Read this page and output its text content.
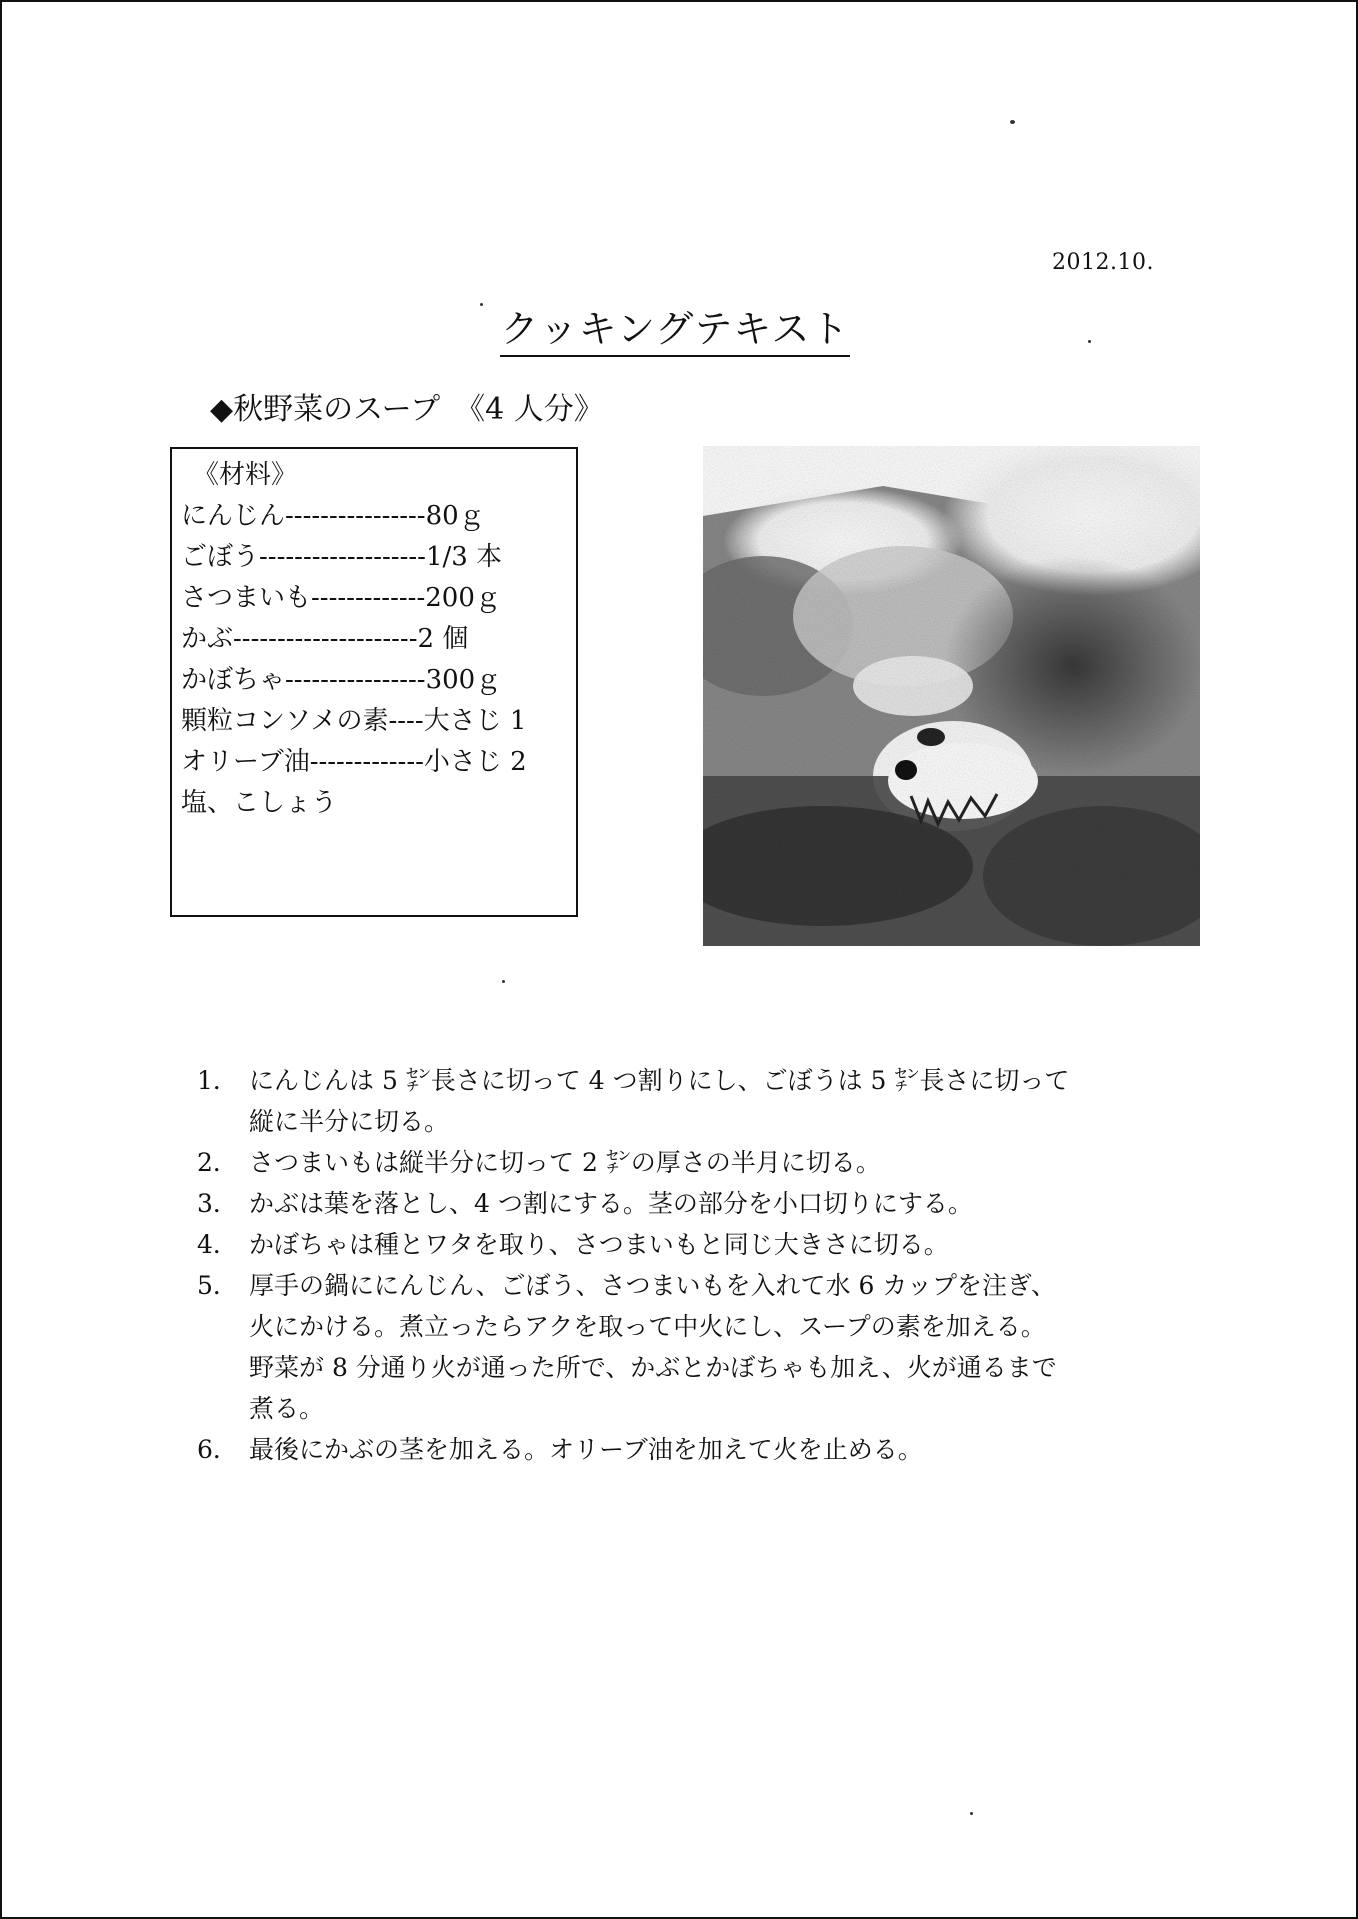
2012.10.
クッキングテキスト
◆秋野菜のスープ　《4 人分》
《材料》
にんじん----------------80ｇ
ごぼう-------------------1/3 本
さつまいも-------------200ｇ
かぶ---------------------2 個
かぼちゃ----------------300ｇ
顆粒コンソメの素----大さじ 1
オリーブ油-------------小さじ 2
塩、こしょう
1． にんじんは 5 ㌢長さに切って 4 つ割りにし、ごぼうは 5 ㌢長さに切って
縦に半分に切る。
2． さつまいもは縦半分に切って 2 ㌢の厚さの半月に切る。
3． かぶは葉を落とし、4 つ割にする。茎の部分を小口切りにする。
4． かぼちゃは種とワタを取り、さつまいもと同じ大きさに切る。
5． 厚手の鍋ににんじん、ごぼう、さつまいもを入れて水 6 カップを注ぎ、
火にかける。煮立ったらアクを取って中火にし、スープの素を加える。
野菜が 8 分通り火が通った所で、かぶとかぼちゃも加え、火が通るまで
煮る。
6． 最後にかぶの茎を加える。オリーブ油を加えて火を止める。
